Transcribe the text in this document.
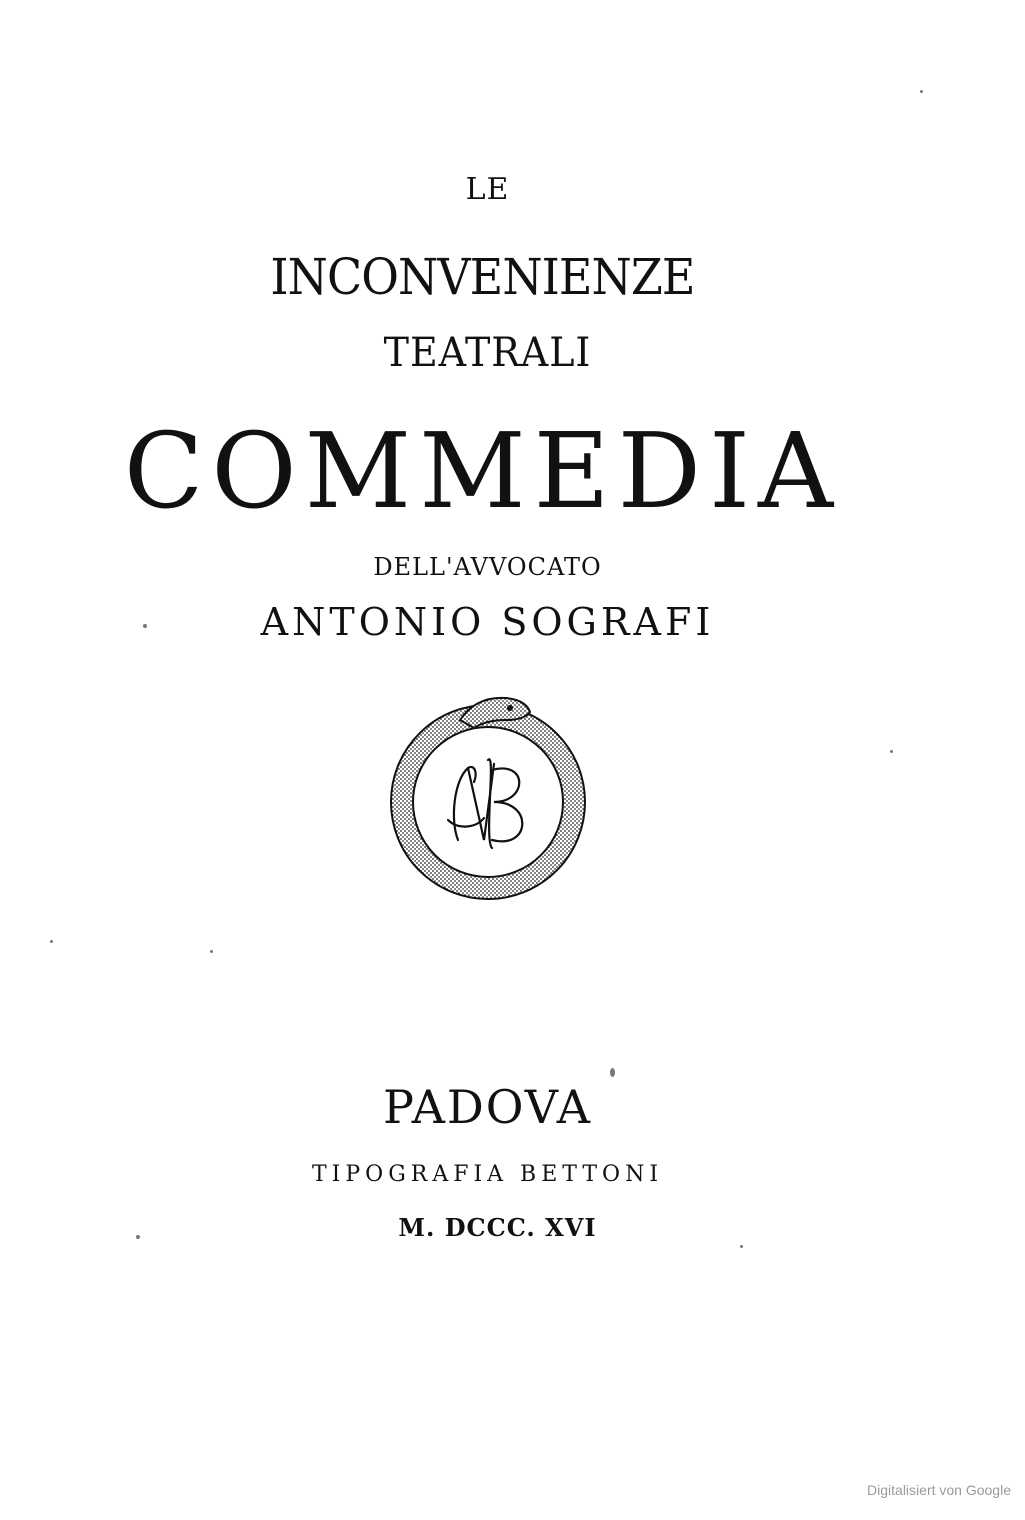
LE
INCONVENIENZE
TEATRALI
COMMEDIA
DELL'AVVOCATO
ANTONIO SOGRAFI
PADOVA
TIPOGRAFIA BETTONI
M. DCCC. XVI
Digitalisiert von Google
